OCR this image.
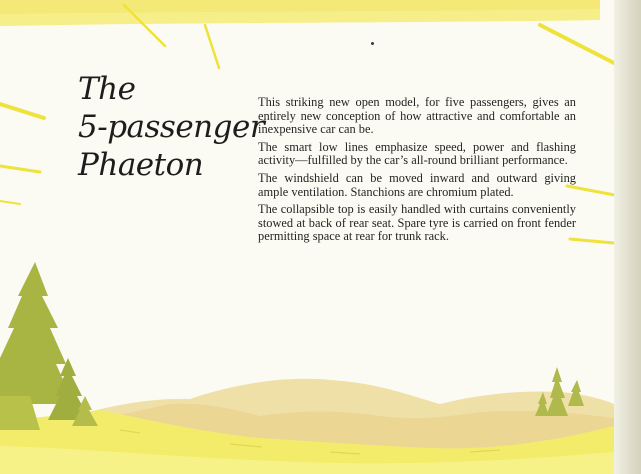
The
5-passenger
Phaeton

This striking new open model, for five passengers, gives an entirely new conception of how attractive and comfortable an inexpensive car can be.

The smart low lines emphasize speed, power and flashing activity—fulfilled by the car’s all-round brilliant performance.

The windshield can be moved inward and outward giving ample ventilation. Stanchions are chromium plated.

The collapsible top is easily handled with curtains conveniently stowed at back of rear seat. Spare tyre is carried on front fender permitting space at rear for trunk rack.
